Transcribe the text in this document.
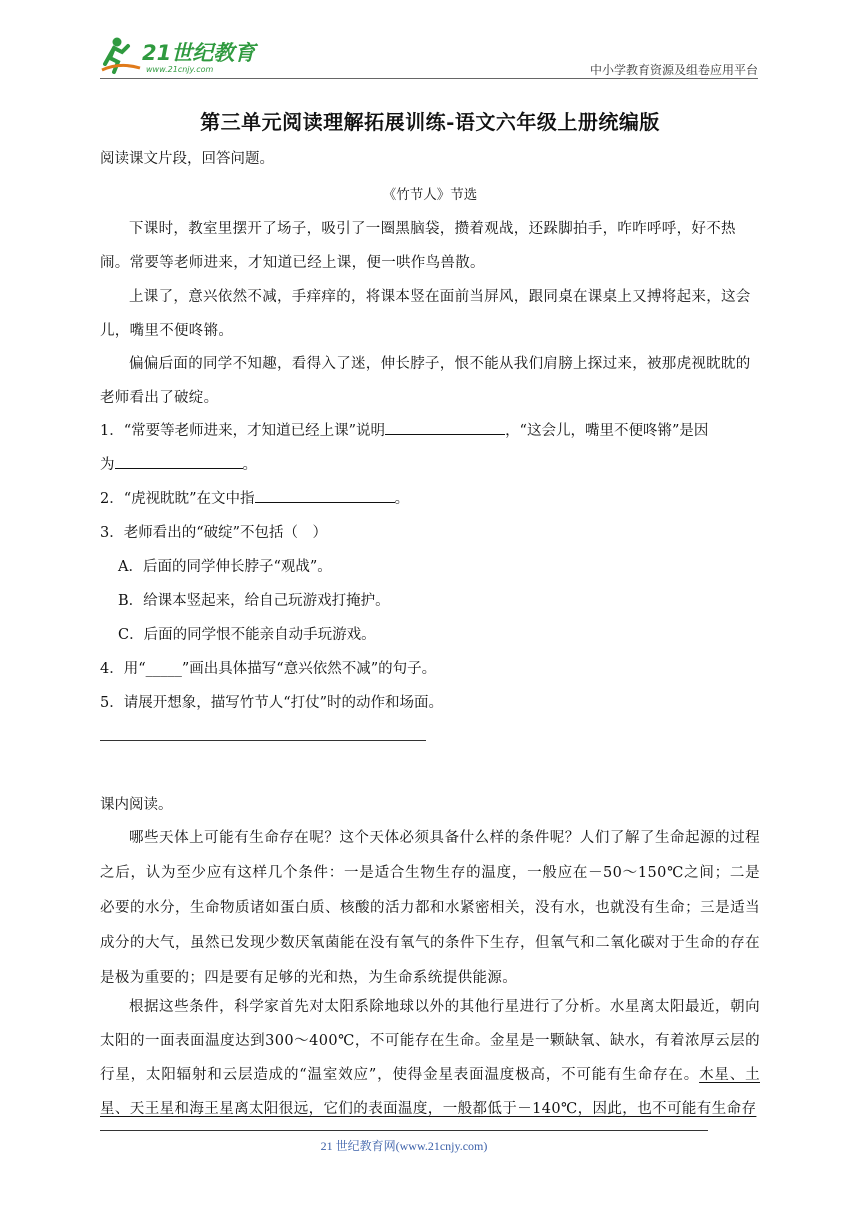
21世纪教育
www.21cnjy.com	中小学教育资源及组卷应用平台
第三单元阅读理解拓展训练-语文六年级上册统编版

阅读课文片段，回答问题。

《竹节人》节选

下课时，教室里摆开了场子，吸引了一圈黑脑袋，攒着观战，还跺脚拍手，咋咋呼呼，好不热闹。常要等老师进来，才知道已经上课，便一哄作鸟兽散。

上课了，意兴依然不减，手痒痒的，将课本竖在面前当屏风，跟同桌在课桌上又搏将起来，这会儿，嘴里不便咚锵。

偏偏后面的同学不知趣，看得入了迷，伸长脖子，恨不能从我们肩膀上探过来，被那虎视眈眈的老师看出了破绽。

1．“常要等老师进来，才知道已经上课”说明	，“这会儿，嘴里不便咚锵”是因
为	。

2．“虎视眈眈”在文中指	。

3．老师看出的“破绽”不包括（　）

A．后面的同学伸长脖子“观战”。

B．给课本竖起来，给自己玩游戏打掩护。

C．后面的同学恨不能亲自动手玩游戏。

4．用“_____”画出具体描写“意兴依然不减”的句子。

5．请展开想象，描写竹节人“打仗”时的动作和场面。

课内阅读。

哪些天体上可能有生命存在呢？这个天体必须具备什么样的条件呢？人们了解了生命起源的过程之后，认为至少应有这样几个条件：一是适合生物生存的温度，一般应在－50～150℃之间；二是必要的水分，生命物质诸如蛋白质、核酸的活力都和水紧密相关，没有水，也就没有生命；三是适当成分的大气，虽然已发现少数厌氧菌能在没有氧气的条件下生存，但氧气和二氧化碳对于生命的存在是极为重要的；四是要有足够的光和热，为生命系统提供能源。

根据这些条件，科学家首先对太阳系除地球以外的其他行星进行了分析。水星离太阳最近，朝向太阳的一面表面温度达到300～400℃，不可能存在生命。金星是一颗缺氧、缺水，有着浓厚云层的行星，太阳辐射和云层造成的“温室效应”，使得金星表面温度极高，不可能有生命存在。木星、土星、天王星和海王星离太阳很远，它们的表面温度，一般都低于－140℃，因此，也不可能有生命存

21 世纪教育网(www.21cnjy.com)
